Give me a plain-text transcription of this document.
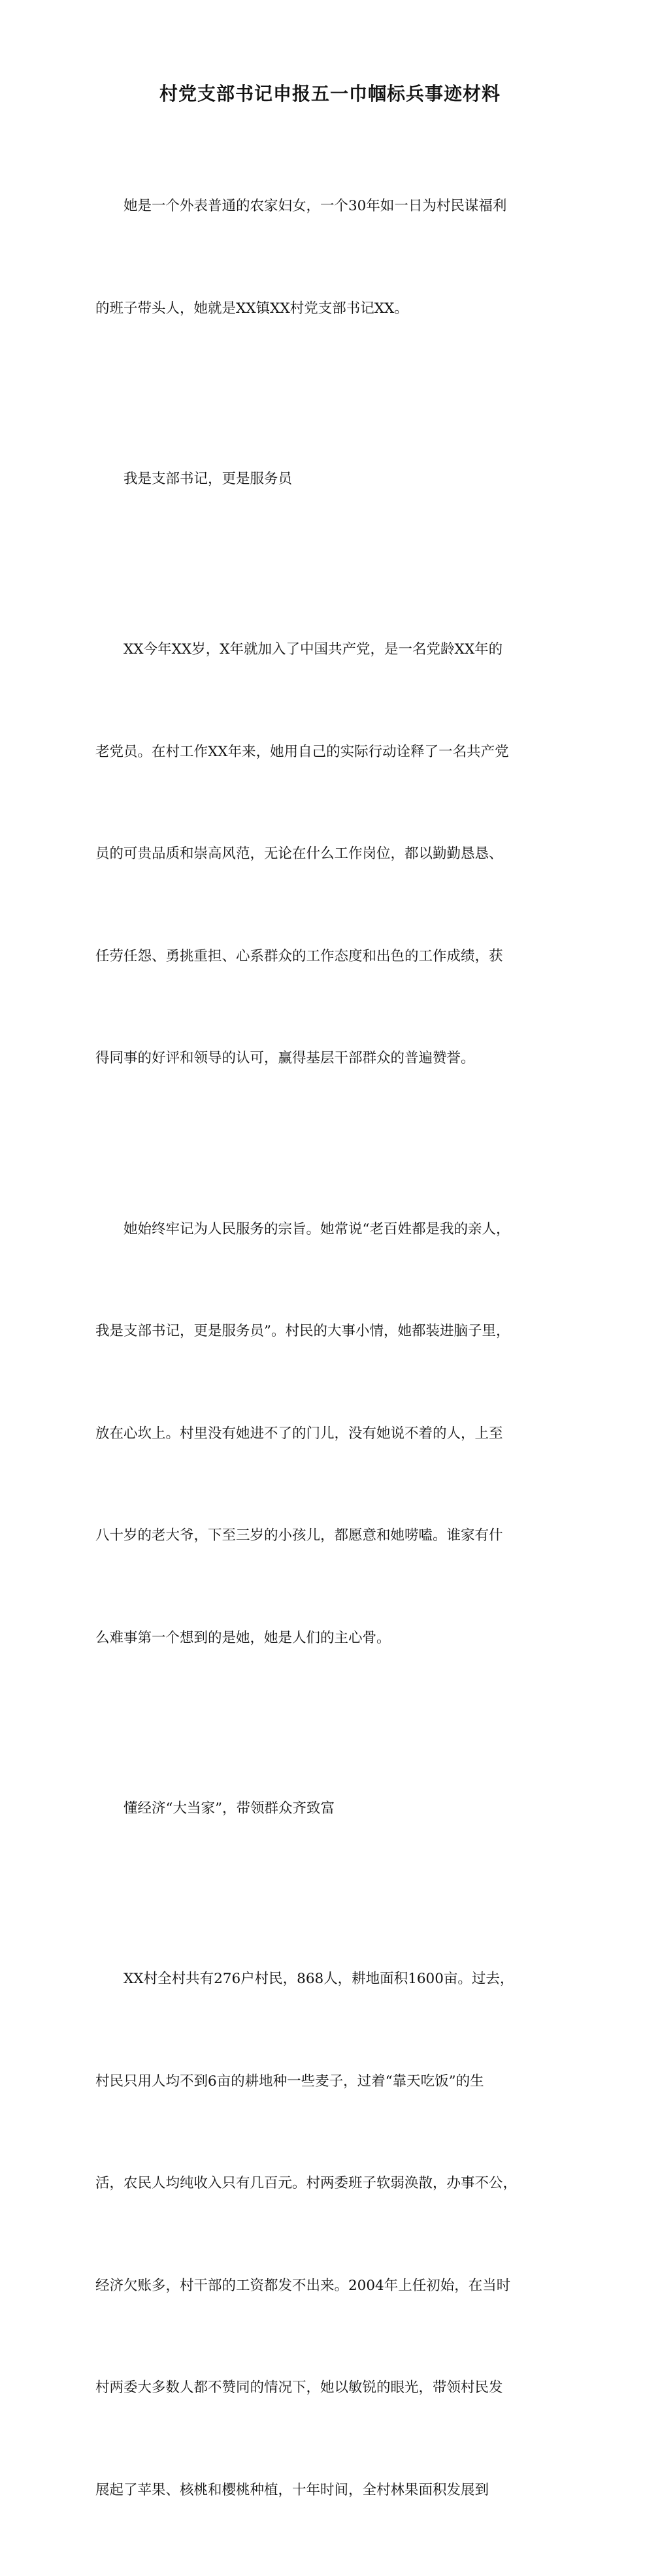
村党支部书记申报五一巾帼标兵事迹材料

她是一个外表普通的农家妇女，一个30年如一日为村民谋福利

的班子带头人，她就是XX镇XX村党支部书记XX。

我是支部书记，更是服务员

XX今年XX岁，X年就加入了中国共产党，是一名党龄XX年的

老党员。在村工作XX年来，她用自己的实际行动诠释了一名共产党

员的可贵品质和崇高风范，无论在什么工作岗位，都以勤勤恳恳、

任劳任怨、勇挑重担、心系群众的工作态度和出色的工作成绩，获

得同事的好评和领导的认可，赢得基层干部群众的普遍赞誉。

她始终牢记为人民服务的宗旨。她常说“老百姓都是我的亲人，

我是支部书记，更是服务员”。村民的大事小情，她都装进脑子里，

放在心坎上。村里没有她进不了的门儿，没有她说不着的人，上至

八十岁的老大爷，下至三岁的小孩儿，都愿意和她唠嗑。谁家有什

么难事第一个想到的是她，她是人们的主心骨。

懂经济“大当家”，带领群众齐致富

XX村全村共有276户村民，868人，耕地面积1600亩。过去，

村民只用人均不到6亩的耕地种一些麦子，过着“靠天吃饭”的生

活，农民人均纯收入只有几百元。村两委班子软弱涣散，办事不公，

经济欠账多，村干部的工资都发不出来。2004年上任初始，在当时

村两委大多数人都不赞同的情况下，她以敏锐的眼光，带领村民发

展起了苹果、核桃和樱桃种植，十年时间，全村林果面积发展到
